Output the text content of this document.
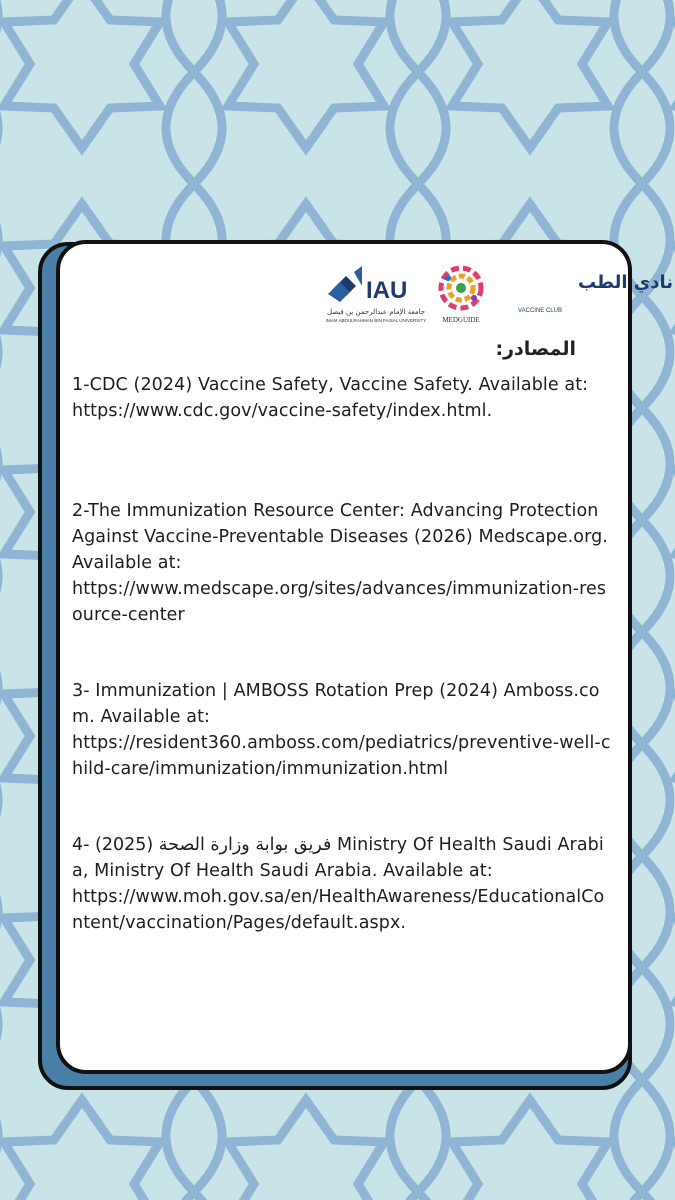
IAU
جامعة الإمام عبدالرحمن بن فيصل
IMAM ABDULRAHMAN BIN FAISAL UNIVERSITY MEDGUIDE
نادي الطب
VACCINE CLUB
المصادر:

1-CDC (2024) Vaccine Safety, Vaccine Safety. Available at:
https://www.cdc.gov/vaccine-safety/index.html.

2-The Immunization Resource Center: Advancing Protection Against Vaccine-Preventable Diseases (2026) Medscape.org. Available at:
https://www.medscape.org/sites/advances/immunization-resource-center

3- Immunization | AMBOSS Rotation Prep (2024) Amboss.com. Available at:
https://resident360.amboss.com/pediatrics/preventive-well-child-care/immunization/immunization.html

4- (2025) فريق بوابة وزارة الصحة Ministry Of Health Saudi Arabia, Ministry Of Health Saudi Arabia. Available at:
https://www.moh.gov.sa/en/HealthAwareness/EducationalContent/vaccination/Pages/default.aspx.
